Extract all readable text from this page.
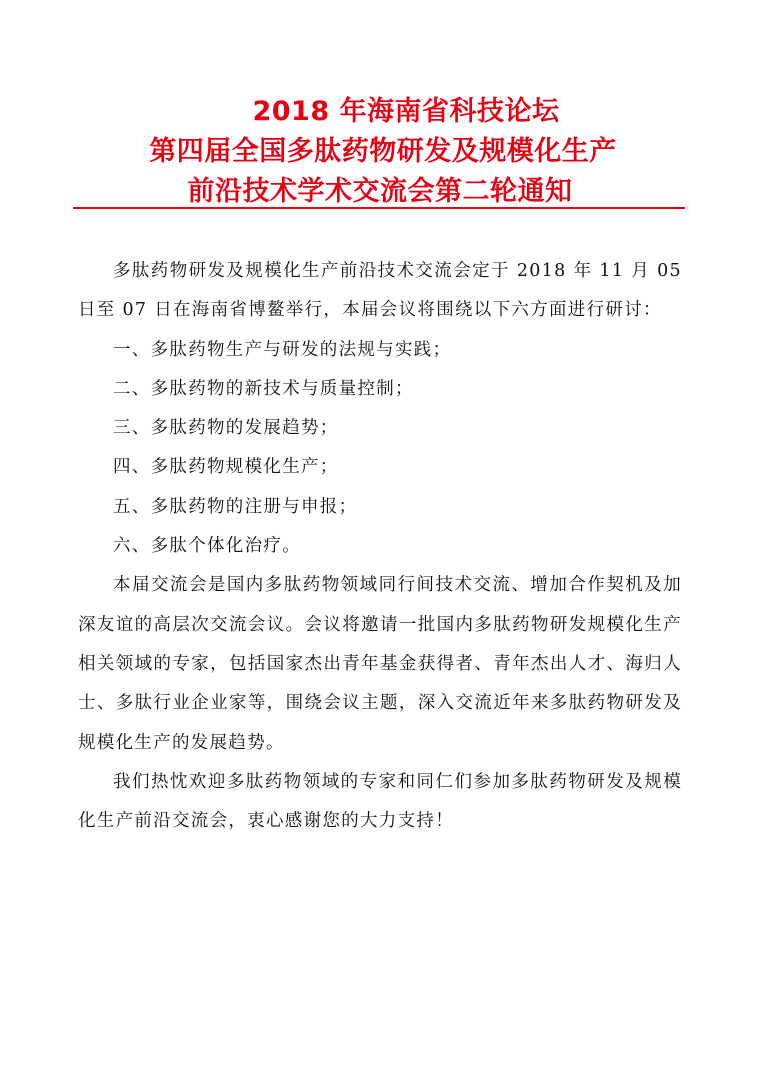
2018 年海南省科技论坛
第四届全国多肽药物研发及规模化生产
前沿技术学术交流会第二轮通知

多肽药物研发及规模化生产前沿技术交流会定于 2018 年 11 月 05 日至 07 日在海南省博鳌举行，本届会议将围绕以下六方面进行研讨：

一、多肽药物生产与研发的法规与实践；

二、多肽药物的新技术与质量控制；

三、多肽药物的发展趋势；

四、多肽药物规模化生产；

五、多肽药物的注册与申报；

六、多肽个体化治疗。

本届交流会是国内多肽药物领域同行间技术交流、增加合作契机及加深友谊的高层次交流会议。会议将邀请一批国内多肽药物研发规模化生产相关领域的专家，包括国家杰出青年基金获得者、青年杰出人才、海归人士、多肽行业企业家等，围绕会议主题，深入交流近年来多肽药物研发及规模化生产的发展趋势。

我们热忱欢迎多肽药物领域的专家和同仁们参加多肽药物研发及规模化生产前沿交流会，衷心感谢您的大力支持！
